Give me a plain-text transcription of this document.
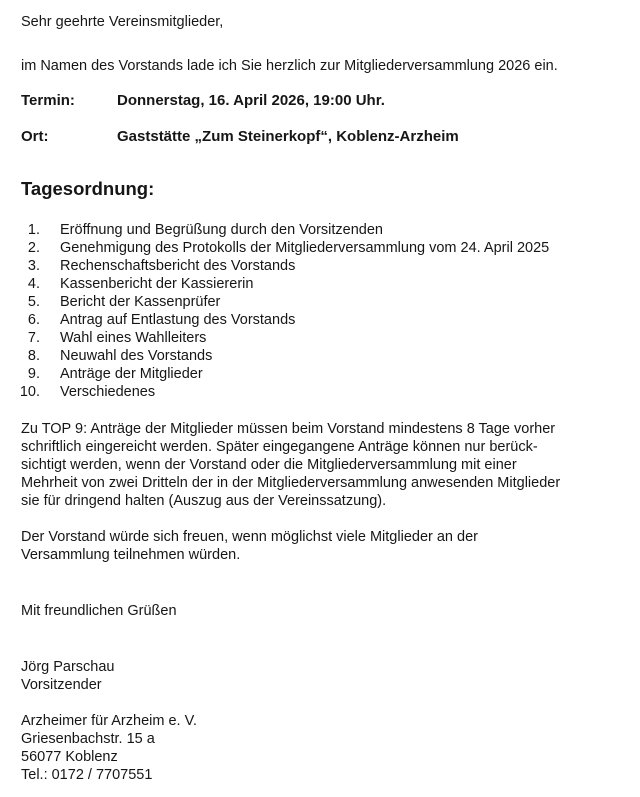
Sehr geehrte Vereinsmitglieder,
im Namen des Vorstands lade ich Sie herzlich zur Mitgliederversammlung 2026 ein.
Termin:	Donnerstag, 16. April 2026, 19:00 Uhr.
Ort:	Gaststätte „Zum Steinerkopf“, Koblenz-Arzheim
Tagesordnung:
1. Eröffnung und Begrüßung durch den Vorsitzenden
2. Genehmigung des Protokolls der Mitgliederversammlung vom 24. April 2025
3. Rechenschaftsbericht des Vorstands
4. Kassenbericht der Kassiererin
5. Bericht der Kassenprüfer
6. Antrag auf Entlastung des Vorstands
7. Wahl eines Wahlleiters
8. Neuwahl des Vorstands
9. Anträge der Mitglieder
10. Verschiedenes
Zu TOP 9: Anträge der Mitglieder müssen beim Vorstand mindestens 8 Tage vorher
schriftlich eingereicht werden. Später eingegangene Anträge können nur berück-
sichtigt werden, wenn der Vorstand oder die Mitgliederversammlung mit einer
Mehrheit von zwei Dritteln der in der Mitgliederversammlung anwesenden Mitglieder
sie für dringend halten (Auszug aus der Vereinssatzung).
Der Vorstand würde sich freuen, wenn möglichst viele Mitglieder an der
Versammlung teilnehmen würden.
Mit freundlichen Grüßen
Jörg Parschau
Vorsitzender
Arzheimer für Arzheim e. V.
Griesenbachstr. 15 a
56077 Koblenz
Tel.: 0172 / 7707551
